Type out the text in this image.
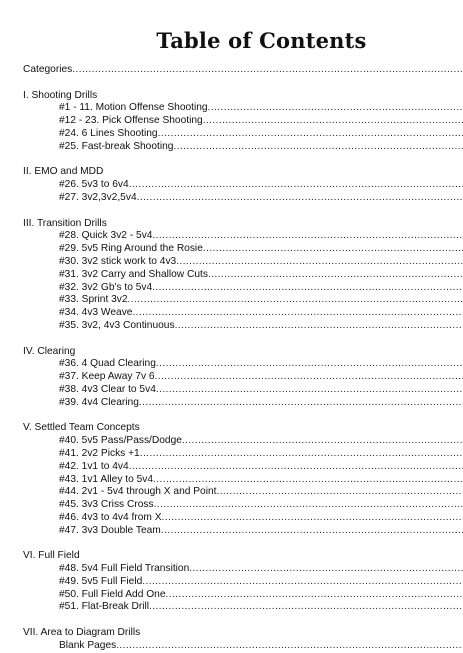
Table of Contents
Categories
.....
I. Shooting Drills
#1 - 11. Motion Offense Shooting
.....
#12 - 23. Pick Offense Shooting
.....
#24. 6 Lines Shooting
.....
#25. Fast-break Shooting
.....
II. EMO and MDD
#26. 5v3 to 6v4
.....
#27. 3v2,3v2,5v4
.....
III. Transition Drills
#28. Quick 3v2 - 5v4
.....
#29. 5v5 Ring Around the Rosie
.....
#30. 3v2 stick work to 4v3
.....
#31. 3v2 Carry and Shallow Cuts
.....
#32. 3v2 Gb's to 5v4
.....
#33. Sprint 3v2
.....
#34. 4v3 Weave
.....
#35. 3v2, 4v3 Continuous
.....
IV. Clearing
#36. 4 Quad Clearing
.....
#37. Keep Away 7v 6
.....
#38. 4v3 Clear to 5v4
.....
#39. 4v4 Clearing
.....
V. Settled Team Concepts
#40. 5v5 Pass/Pass/Dodge
.....
#41. 2v2 Picks +1
.....
#42. 1v1 to 4v4
.....
#43. 1v1 Alley to 5v4
.....
#44. 2v1 - 5v4 through X and Point
.....
#45. 3v3 Criss Cross
.....
#46. 4v3 to 4v4 from X
.....
#47. 3v3 Double Team
.....
VI. Full Field
#48. 5v4 Full Field Transition
.....
#49. 5v5 Full Field
.....
#50. Full Field Add One
.....
#51. Flat-Break Drill
.....
VII. Area to Diagram Drills
Blank Pages
.....
